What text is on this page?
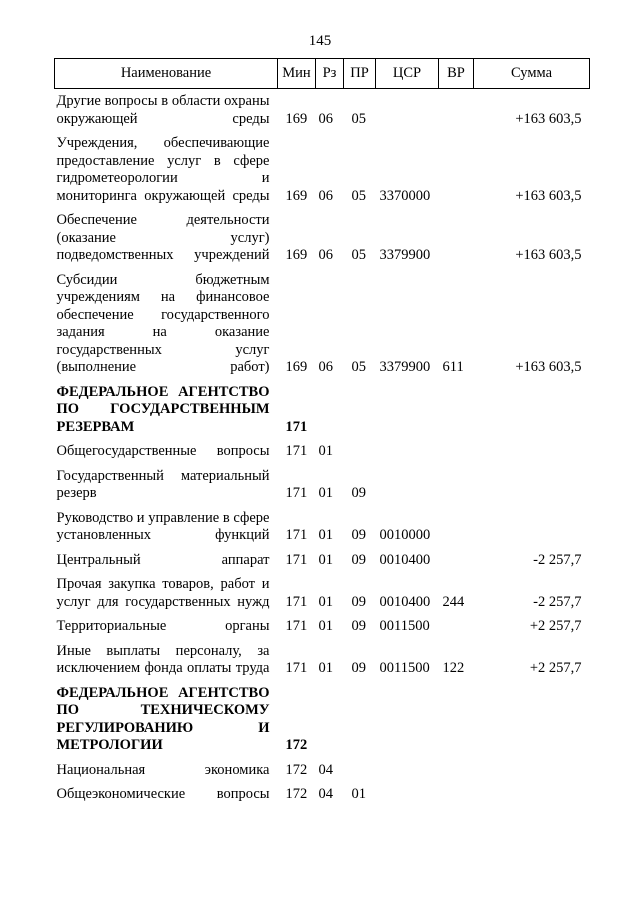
145
Наименование	Мин	Рз	ПР	ЦСР	ВР	Сумма
Другие вопросы в области охраны окружающей среды	169	06	05			+163 603,5
Учреждения, обеспечивающие предоставление услуг в сфере гидрометеорологии и мониторинга окружающей среды	169	06	05	3370000		+163 603,5
Обеспечение деятельности (оказание услуг) подведомственных учреждений	169	06	05	3379900		+163 603,5
Субсидии бюджетным учреждениям на финансовое обеспечение государственного задания на оказание государственных услуг (выполнение работ)	169	06	05	3379900	611	+163 603,5
ФЕДЕРАЛЬНОЕ АГЕНТСТВО ПО ГОСУДАРСТВЕННЫМ РЕЗЕРВАМ	171					
Общегосударственные вопросы	171	01				
Государственный материальный резерв	171	01	09			
Руководство и управление в сфере установленных функций	171	01	09	0010000		
Центральный аппарат	171	01	09	0010400		-2 257,7
Прочая закупка товаров, работ и услуг для государственных нужд	171	01	09	0010400	244	-2 257,7
Территориальные органы	171	01	09	0011500		+2 257,7
Иные выплаты персоналу, за исключением фонда оплаты труда	171	01	09	0011500	122	+2 257,7
ФЕДЕРАЛЬНОЕ АГЕНТСТВО ПО ТЕХНИЧЕСКОМУ РЕГУЛИРОВАНИЮ И МЕТРОЛОГИИ	172					
Национальная экономика	172	04				
Общеэкономические вопросы	172	04	01			
